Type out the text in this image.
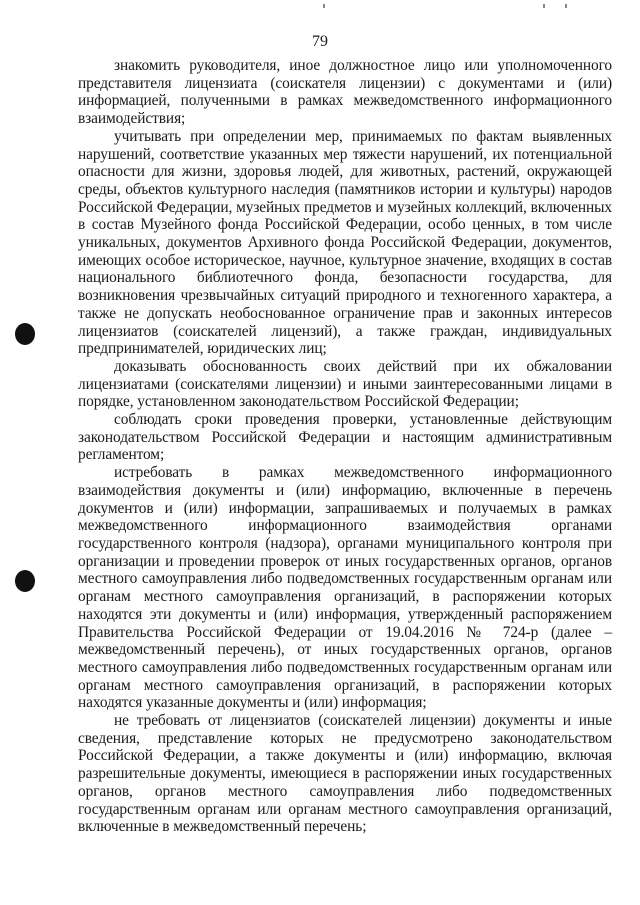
79

знакомить руководителя, иное должностное лицо или уполномоченного представителя лицензиата (соискателя лицензии) с документами и (или) информацией, полученными в рамках межведомственного информационного взаимодействия;

учитывать при определении мер, принимаемых по фактам выявленных нарушений, соответствие указанных мер тяжести нарушений, их потенциальной опасности для жизни, здоровья людей, для животных, растений, окружающей среды, объектов культурного наследия (памятников истории и культуры) народов Российской Федерации, музейных предметов и музейных коллекций, включенных в состав Музейного фонда Российской Федерации, особо ценных, в том числе уникальных, документов Архивного фонда Российской Федерации, документов, имеющих особое историческое, научное, культурное значение, входящих в состав национального библиотечного фонда, безопасности государства, для возникновения чрезвычайных ситуаций природного и техногенного характера, а также не допускать необоснованное ограничение прав и законных интересов лицензиатов (соискателей лицензий), а также граждан, индивидуальных предпринимателей, юридических лиц;

доказывать обоснованность своих действий при их обжаловании лицензиатами (соискателями лицензии) и иными заинтересованными лицами в порядке, установленном законодательством Российской Федерации;

соблюдать сроки проведения проверки, установленные действующим законодательством Российской Федерации и настоящим административным регламентом;

истребовать в рамках межведомственного информационного взаимодействия документы и (или) информацию, включенные в перечень документов и (или) информации, запрашиваемых и получаемых в рамках межведомственного информационного взаимодействия органами государственного контроля (надзора), органами муниципального контроля при организации и проведении проверок от иных государственных органов, органов местного самоуправления либо подведомственных государственным органам или органам местного самоуправления организаций, в распоряжении которых находятся эти документы и (или) информация, утвержденный распоряжением Правительства Российской Федерации от 19.04.2016 № 724-р (далее – межведомственный перечень), от иных государственных органов, органов местного самоуправления либо подведомственных государственным органам или органам местного самоуправления организаций, в распоряжении которых находятся указанные документы и (или) информация;

не требовать от лицензиатов (соискателей лицензии) документы и иные сведения, представление которых не предусмотрено законодательством Российской Федерации, а также документы и (или) информацию, включая разрешительные документы, имеющиеся в распоряжении иных государственных органов, органов местного самоуправления либо подведомственных государственным органам или органам местного самоуправления организаций, включенные в межведомственный перечень;
